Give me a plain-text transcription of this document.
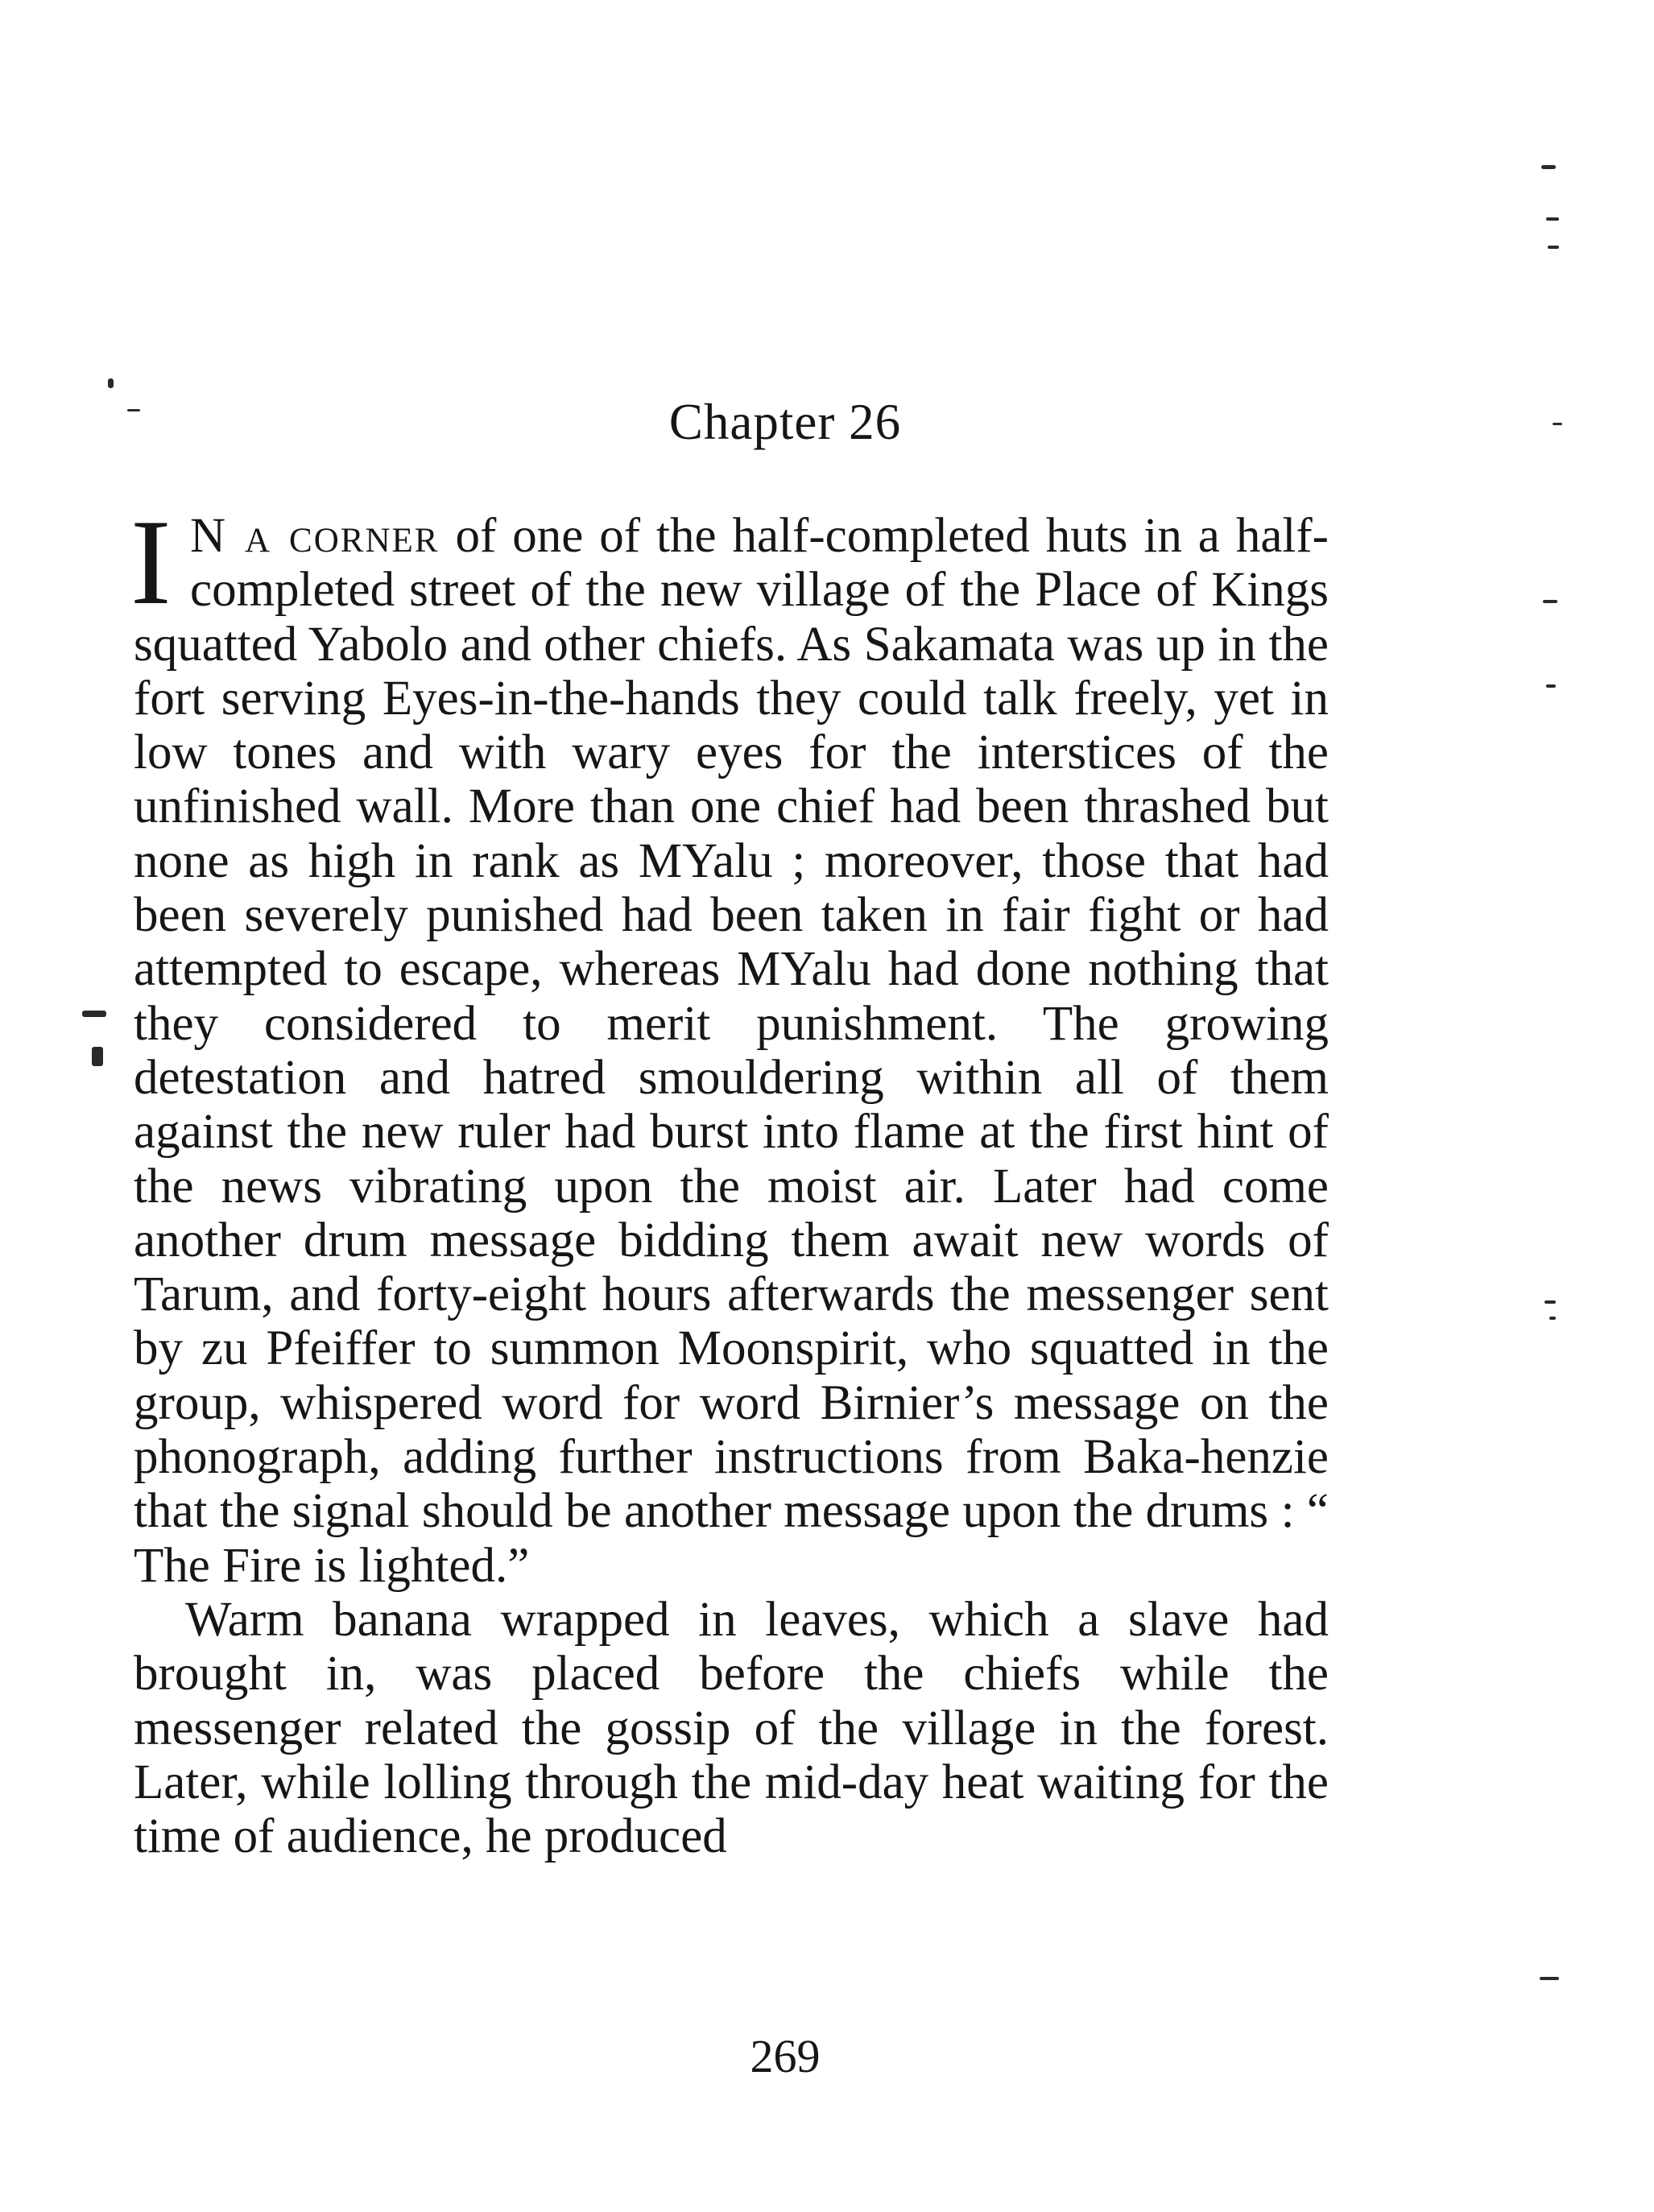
Chapter 26

I N a corner of one of the half-completed huts in a half-completed street of the new village of the Place of Kings squatted Yabolo and other chiefs. As Sakamata was up in the fort serving Eyes-in-the-hands they could talk freely, yet in low tones and with wary eyes for the interstices of the unfinished wall. More than one chief had been thrashed but none as high in rank as MYalu ; moreover, those that had been severely punished had been taken in fair fight or had attempted to escape, whereas MYalu had done nothing that they considered to merit punishment. The growing detestation and hatred smouldering within all of them against the new ruler had burst into flame at the first hint of the news vibrating upon the moist air. Later had come another drum message bidding them await new words of Tarum, and forty-eight hours afterwards the messenger sent by zu Pfeiffer to summon Moonspirit, who squatted in the group, whispered word for word Birnier’s message on the phonograph, adding further instructions from Baka-henzie that the signal should be another message upon the drums : “ The Fire is lighted.”

Warm banana wrapped in leaves, which a slave had brought in, was placed before the chiefs while the messenger related the gossip of the village in the forest. Later, while lolling through the mid-day heat waiting for the time of audience, he produced

269
